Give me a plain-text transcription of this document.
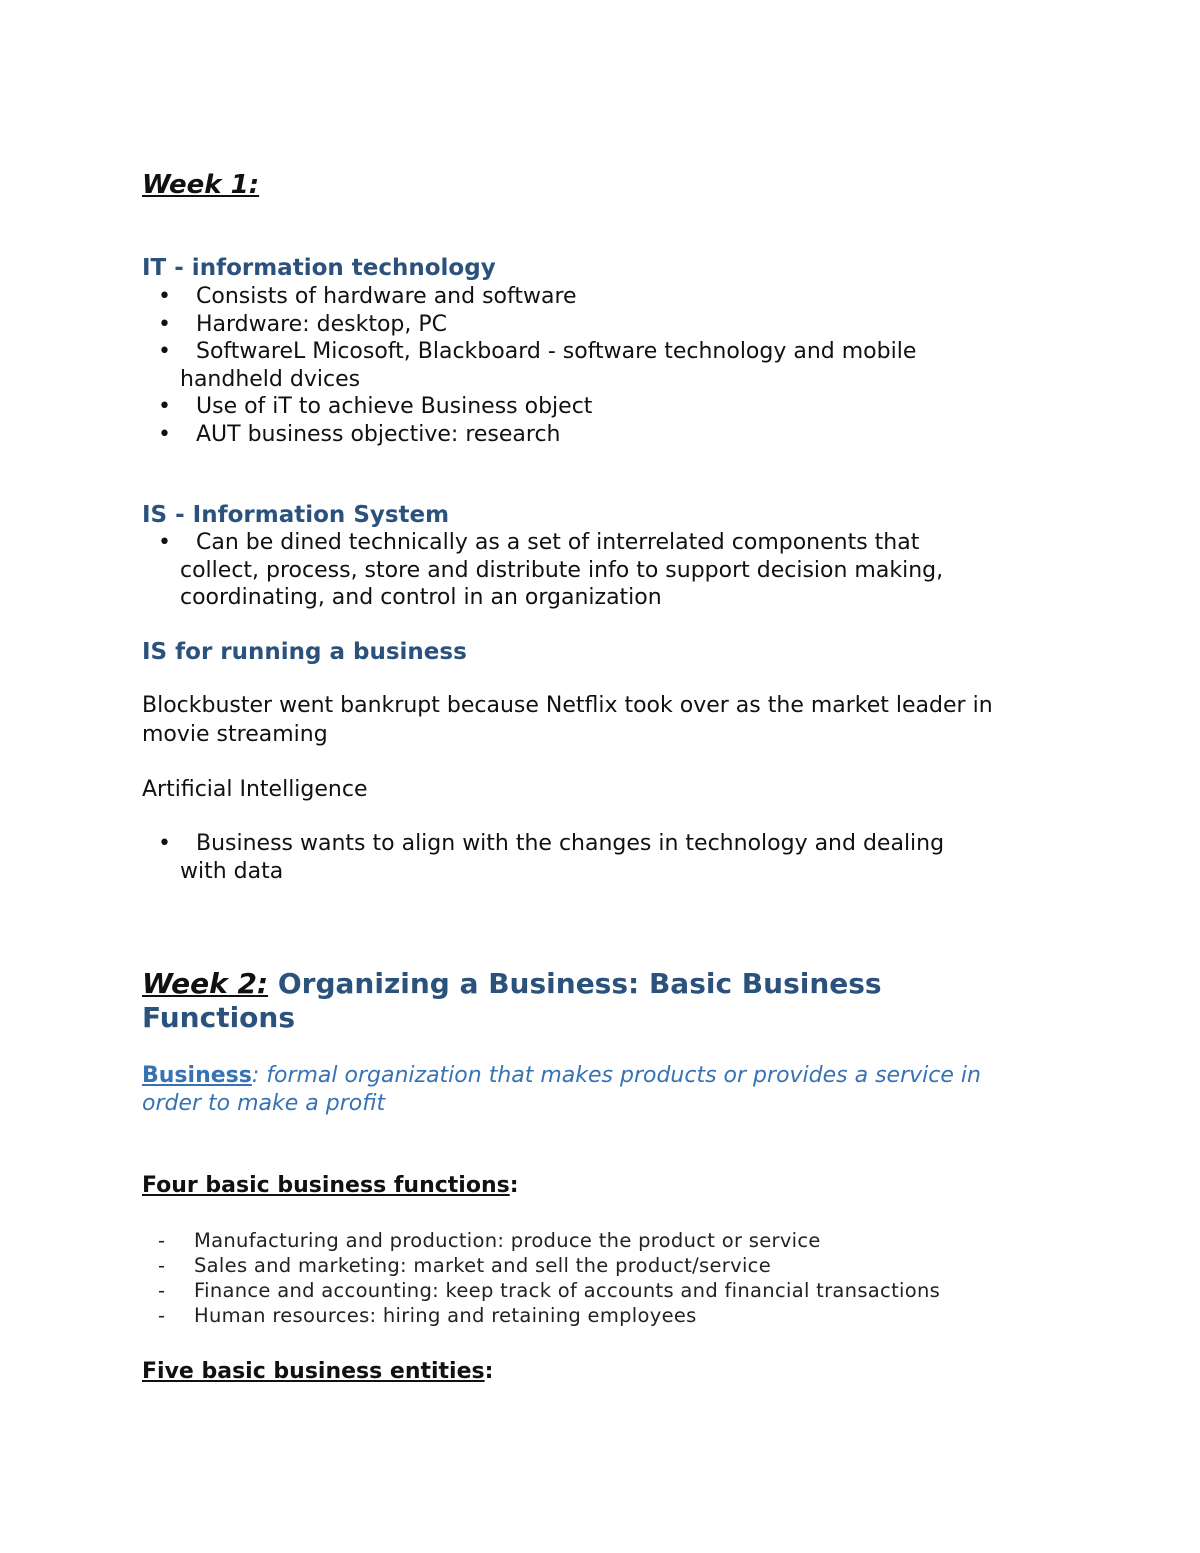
Week 1:
IT - information technology
• Consists of hardware and software
• Hardware: desktop, PC
• SoftwareL Micosoft, Blackboard - software technology and mobile
handheld dvices
• Use of iT to achieve Business object
• AUT business objective: research
IS - Information System
• Can be dined technically as a set of interrelated components that
collect, process, store and distribute info to support decision making,
coordinating, and control in an organization
IS for running a business
Blockbuster went bankrupt because Netflix took over as the market leader in
movie streaming
Artificial Intelligence
• Business wants to align with the changes in technology and dealing
with data
Week 2: Organizing a Business: Basic Business
Functions
Business: formal organization that makes products or provides a service in
order to make a profit
Four basic business functions:
- Manufacturing and production: produce the product or service
- Sales and marketing: market and sell the product/service
- Finance and accounting: keep track of accounts and financial transactions
- Human resources: hiring and retaining employees
Five basic business entities:
